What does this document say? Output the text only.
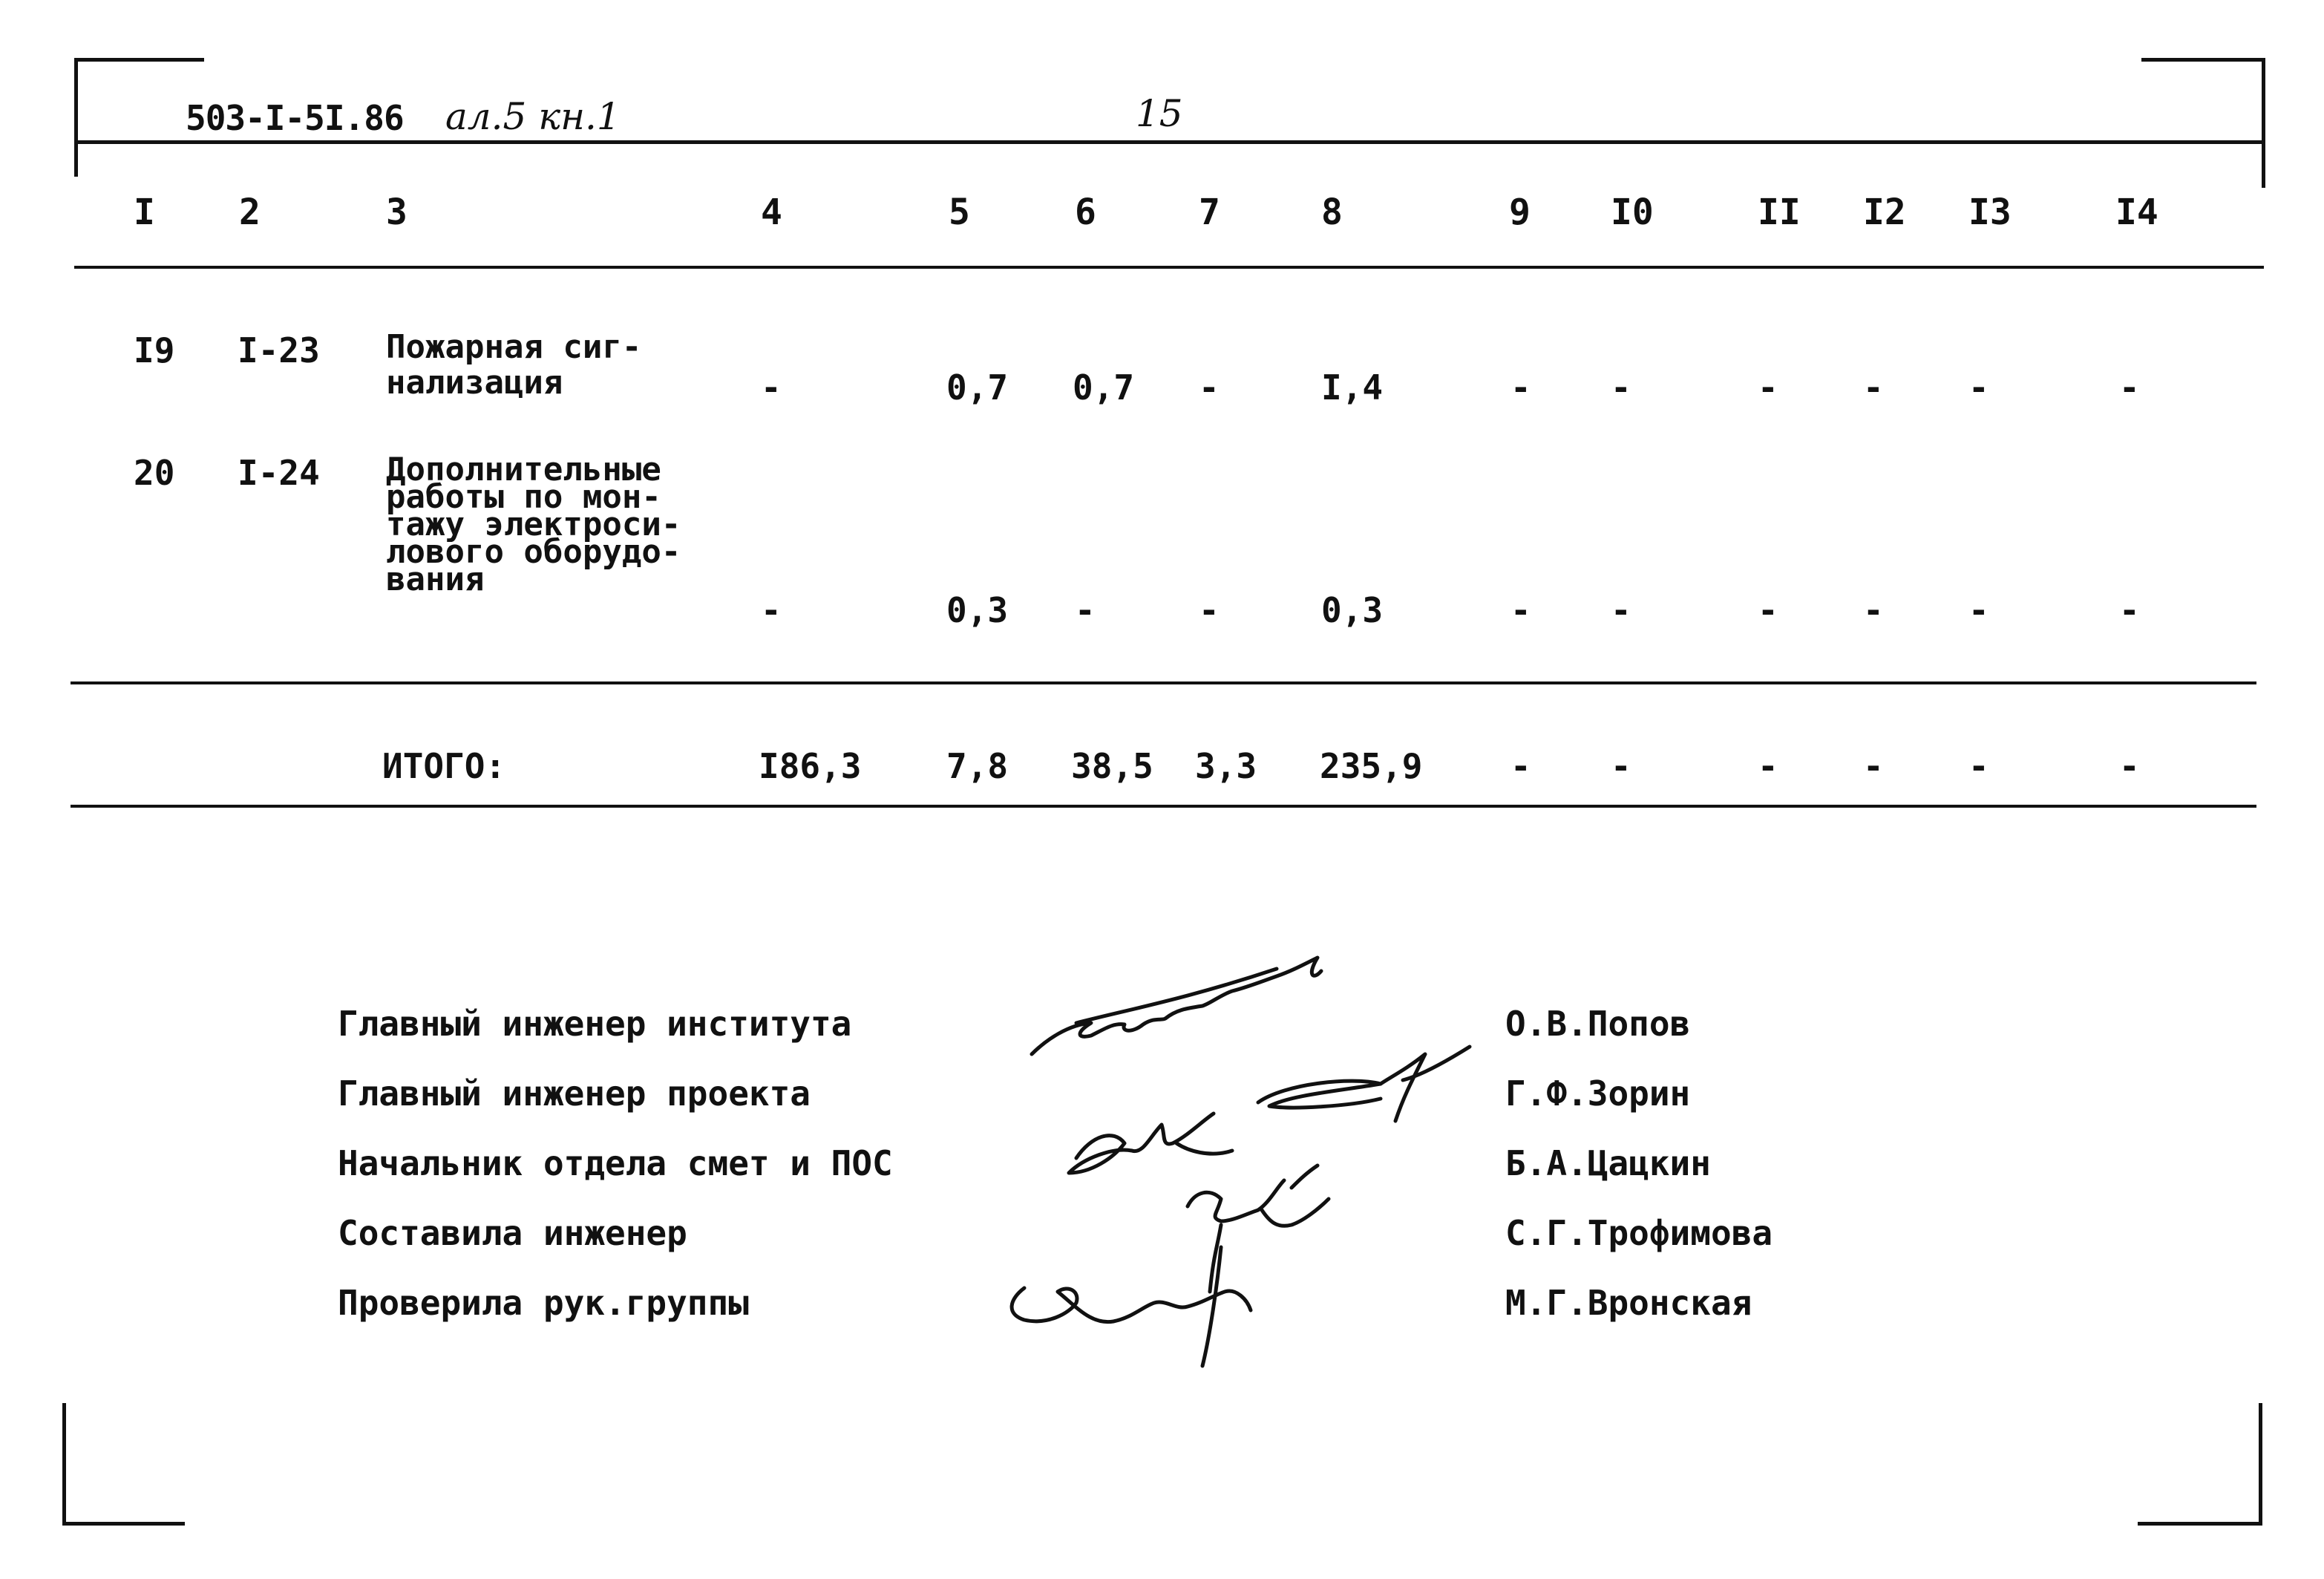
503-I-5I.86 ал.5 кн.1	15
I 2	3	4	5	6	7	8	9 I0	II I2 I3	I4
I9 I-23 Пожарная сиг-
нализация	-	0,7 0,7 -	I,4	- -	- - -	-
20 I-24 Дополнительные
работы по мон-
тажу электроси-
лового оборудо-
вания
-	0,3 -	-	0,3	- -	- - -	-
ИТОГО:	I86,3 7,8 38,5 3,3 235,9	- -	- - -	-
Главный инженер института
Главный инженер проекта
Начальник отдела смет и ПОС
Составила инженер
Проверила рук.группы
О.В.Попов
Г.Ф.Зорин
Б.А.Цацкин
С.Г.Трофимова
М.Г.Вронская
